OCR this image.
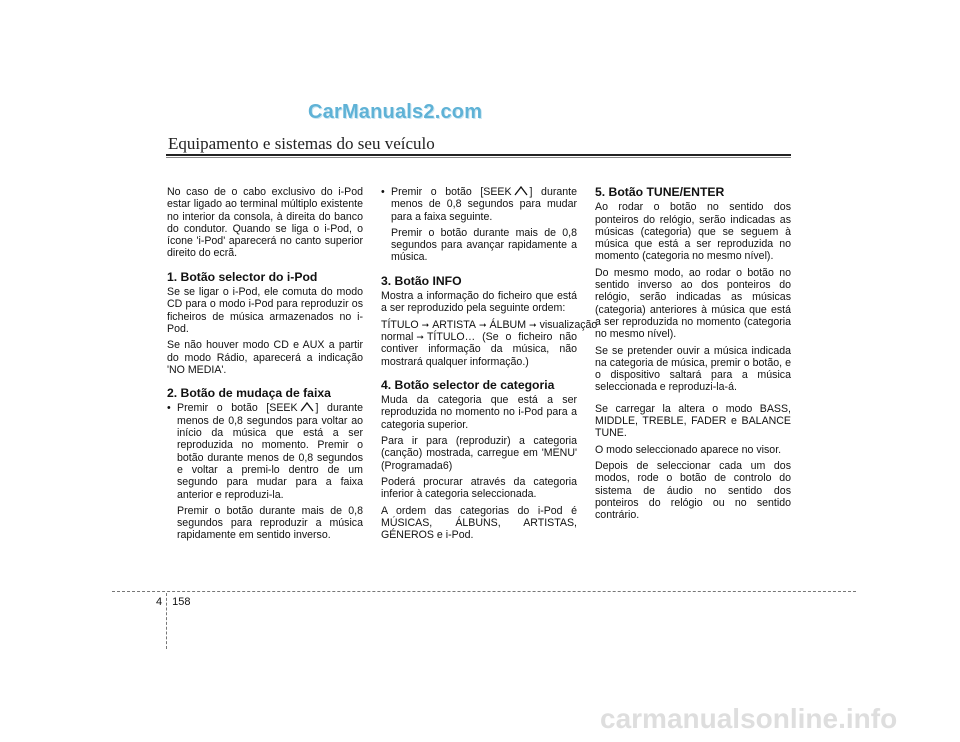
CarManuals2.com
Equipamento e sistemas do seu veículo

No caso de o cabo exclusivo do i-Pod estar ligado ao terminal múltiplo existente no interior da consola, à direita do banco do condutor. Quando se liga o i-Pod, o ícone 'i-Pod' aparecerá no canto superior direito do ecrã.

1. Botão selector do i-Pod

Se se ligar o i-Pod, ele comuta do modo CD para o modo i-Pod para reproduzir os ficheiros de música armazenados no i-Pod.

Se não houver modo CD e AUX a partir do modo Rádio, aparecerá a indicação 'NO MEDIA'.

2. Botão de mudaça de faixa
• Premir o botão [SEEK ] durante menos de 0,8 segundos para voltar ao início da música que está a ser reproduzida no momento. Premir o botão durante menos de 0,8 segundos e voltar a premi-lo dentro de um segundo para mudar para a faixa anterior e reproduzi-la.

Premir o botão durante mais de 0,8 segundos para reproduzir a música rapidamente em sentido inverso.

• Premir o botão [SEEK ] durante menos de 0,8 segundos para mudar para a faixa seguinte.

Premir o botão durante mais de 0,8 segundos para avançar rapidamente a música.

3. Botão INFO

Mostra a informação do ficheiro que está a ser reproduzido pela seguinte ordem:

TÍTULO ➞ ARTISTA ➞ ÁLBUM ➞ visualização normal ➞ TÍTULO… (Se o ficheiro não contiver informação da música, não mostrará qualquer informação.)

4. Botão selector de categoria

Muda da categoria que está a ser reproduzida no momento no i-Pod para a categoria superior.

Para ir para (reproduzir) a categoria (canção) mostrada, carregue em 'MENU' (Programada6)

Poderá procurar através da categoria inferior à categoria seleccionada.

A ordem das categorias do i-Pod é MÚSICAS, ÁLBUNS, ARTISTAS, GÉNEROS e i-Pod.

5. Botão TUNE/ENTER

Ao rodar o botão no sentido dos ponteiros do relógio, serão indicadas as músicas (categoria) que se seguem à música que está a ser reproduzida no momento (categoria no mesmo nível).

Do mesmo modo, ao rodar o botão no sentido inverso ao dos ponteiros do relógio, serão indicadas as músicas (categoria) anteriores à música que está a ser reproduzida no momento (categoria no mesmo nível).

Se se pretender ouvir a música indicada na categoria de música, premir o botão, e o dispositivo saltará para a música seleccionada e reproduzi-la-á.

Se carregar la altera o modo BASS, MIDDLE, TREBLE, FADER e BALANCE TUNE.

O modo seleccionado aparece no visor.

Depois de seleccionar cada um dos modos, rode o botão de controlo do sistema de áudio no sentido dos ponteiros do relógio ou no sentido contrário.

4 158
carmanualsonline.info
